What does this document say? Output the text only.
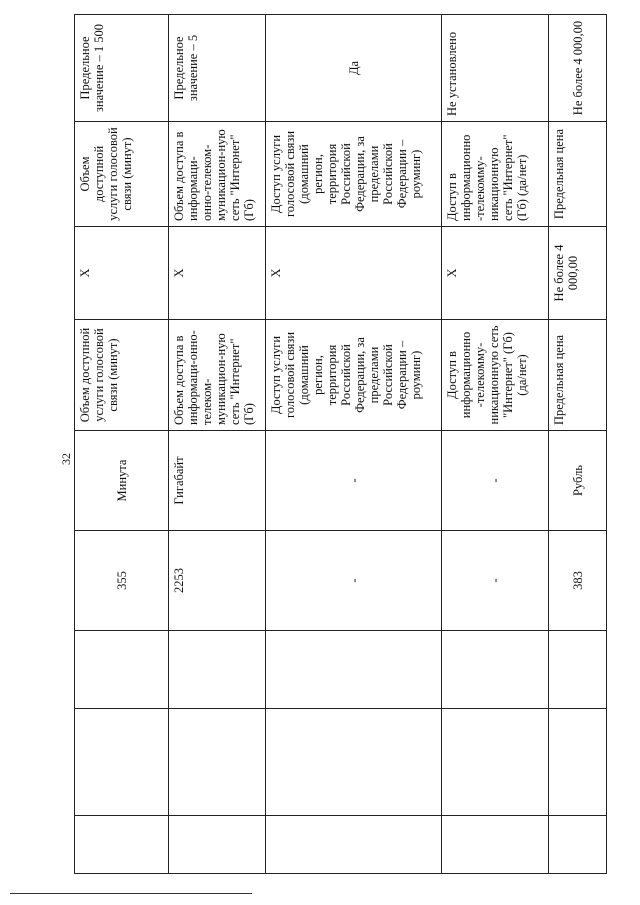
32
			355	Минута	Объем доступной услуги голосовой связи (минут)	X	Объем доступной услуги голосовой связи (минут)	Предельное значение – 1 500
			2253	Гигабайт	Объем доступа в информаци-онно-телеком-муникацион-ную сеть "Интернет" (Гб)	X	Объем доступа в информаци-онно-телеком-муникацион-ную сеть "Интернет" (Гб)	Предельное значение – 5
			-	-	Доступ услуги голосовой связи (домашний регион, территория Российской Федерации, за пределами Российской Федерации – роуминг)	X	Доступ услуги голосовой связи (домашний регион, территория Российской Федерации, за пределами Российской Федерации – роуминг)	Да
			-	-	Доступ в информационно -телекомму-никационную сеть "Интернет" (Гб) (да/нет)	X	Доступ в информационно -телекомму-никационную сеть "Интернет" (Гб) (да/нет)	Не установлено
			383	Рубль	Предельная цена	Не более 4 000,00	Предельная цена	Не более 4 000,00
